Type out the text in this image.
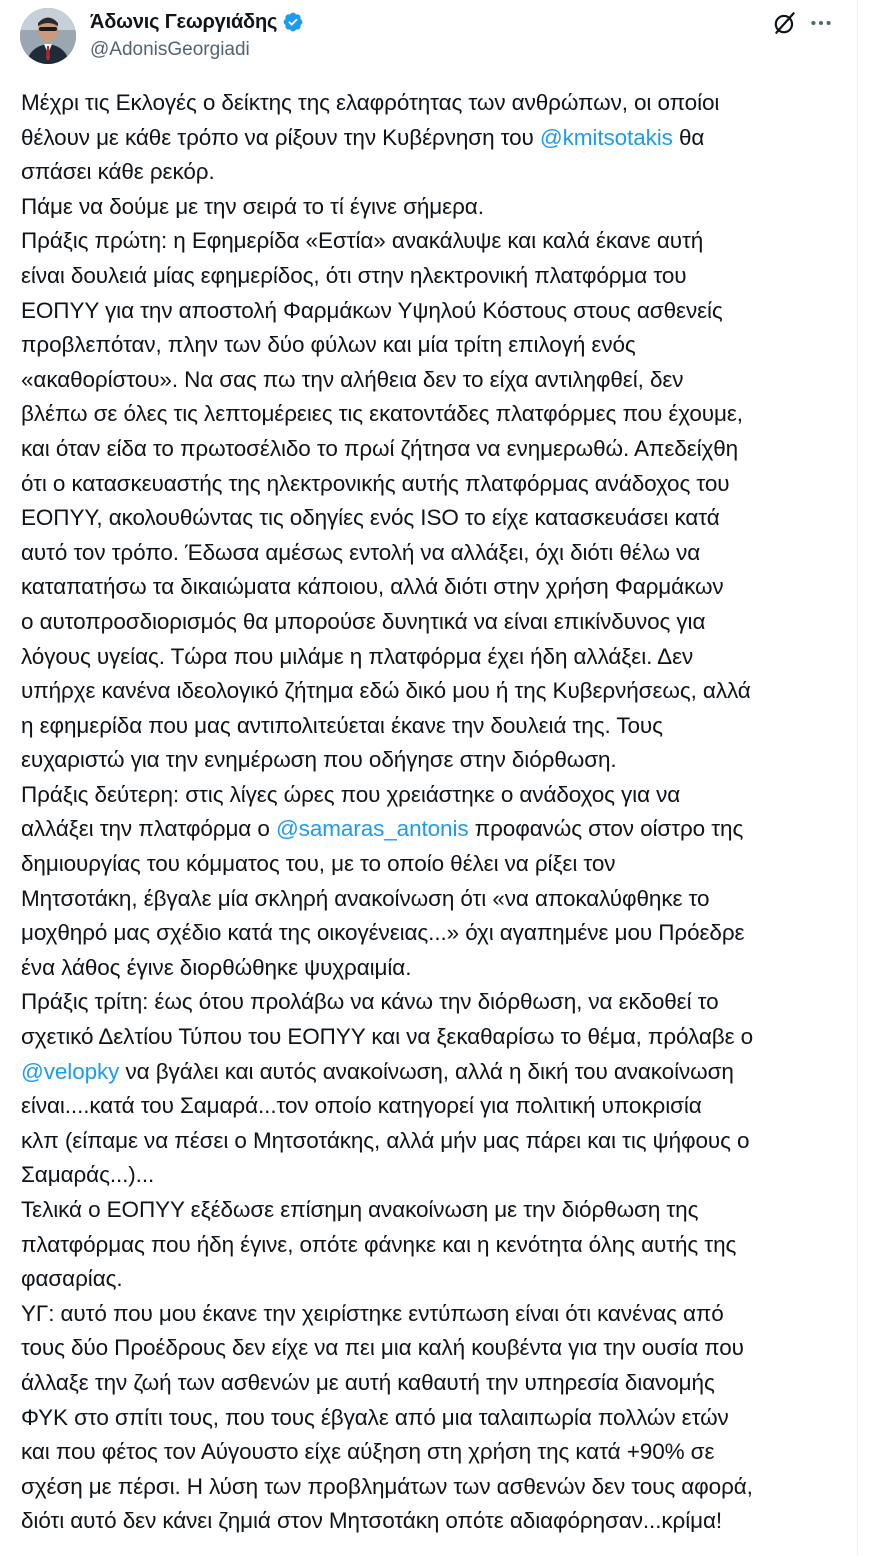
Άδωνις Γεωργιάδης
@AdonisGeorgiadi
Μέχρι τις Εκλογές ο δείκτης της ελαφρότητας των ανθρώπων, οι οποίοι
θέλουν με κάθε τρόπο να ρίξουν την Κυβέρνηση του @kmitsotakis θα
σπάσει κάθε ρεκόρ.
Πάμε να δούμε με την σειρά το τί έγινε σήμερα.
Πράξις πρώτη: η Εφημερίδα «Εστία» ανακάλυψε και καλά έκανε αυτή
είναι δουλειά μίας εφημερίδος, ότι στην ηλεκτρονική πλατφόρμα του
ΕΟΠΥΥ για την αποστολή Φαρμάκων Υψηλού Κόστους στους ασθενείς
προβλεπόταν, πλην των δύο φύλων και μία τρίτη επιλογή ενός
«ακαθορίστου». Να σας πω την αλήθεια δεν το είχα αντιληφθεί, δεν
βλέπω σε όλες τις λεπτομέρειες τις εκατοντάδες πλατφόρμες που έχουμε,
και όταν είδα το πρωτοσέλιδο το πρωί ζήτησα να ενημερωθώ. Απεδείχθη
ότι ο κατασκευαστής της ηλεκτρονικής αυτής πλατφόρμας ανάδοχος του
ΕΟΠΥΥ, ακολουθώντας τις οδηγίες ενός ISO το είχε κατασκευάσει κατά
αυτό τον τρόπο. Έδωσα αμέσως εντολή να αλλάξει, όχι διότι θέλω να
καταπατήσω τα δικαιώματα κάποιου, αλλά διότι στην χρήση Φαρμάκων
ο αυτοπροσδιορισμός θα μπορούσε δυνητικά να είναι επικίνδυνος για
λόγους υγείας. Τώρα που μιλάμε η πλατφόρμα έχει ήδη αλλάξει. Δεν
υπήρχε κανένα ιδεολογικό ζήτημα εδώ δικό μου ή της Κυβερνήσεως, αλλά
η εφημερίδα που μας αντιπολιτεύεται έκανε την δουλειά της. Τους
ευχαριστώ για την ενημέρωση που οδήγησε στην διόρθωση.
Πράξις δεύτερη: στις λίγες ώρες που χρειάστηκε ο ανάδοχος για να
αλλάξει την πλατφόρμα ο @samaras_antonis προφανώς στον οίστρο της
δημιουργίας του κόμματος του, με το οποίο θέλει να ρίξει τον
Μητσοτάκη, έβγαλε μία σκληρή ανακοίνωση ότι «να αποκαλύφθηκε το
μοχθηρό μας σχέδιο κατά της οικογένειας...» όχι αγαπημένε μου Πρόεδρε
ένα λάθος έγινε διορθώθηκε ψυχραιμία.
Πράξις τρίτη: έως ότου προλάβω να κάνω την διόρθωση, να εκδοθεί το
σχετικό Δελτίου Τύπου του ΕΟΠΥΥ και να ξεκαθαρίσω το θέμα, πρόλαβε ο
@velopky να βγάλει και αυτός ανακοίνωση, αλλά η δική του ανακοίνωση
είναι....κατά του Σαμαρά...τον οποίο κατηγορεί για πολιτική υποκρισία
κλπ (είπαμε να πέσει ο Μητσοτάκης, αλλά μήν μας πάρει και τις ψήφους ο
Σαμαράς...)...
Τελικά ο ΕΟΠΥΥ εξέδωσε επίσημη ανακοίνωση με την διόρθωση της
πλατφόρμας που ήδη έγινε, οπότε φάνηκε και η κενότητα όλης αυτής της
φασαρίας.
ΥΓ: αυτό που μου έκανε την χειρίστηκε εντύπωση είναι ότι κανένας από
τους δύο Προέδρους δεν είχε να πει μια καλή κουβέντα για την ουσία που
άλλαξε την ζωή των ασθενών με αυτή καθαυτή την υπηρεσία διανομής
ΦΥΚ στο σπίτι τους, που τους έβγαλε από μια ταλαιπωρία πολλών ετών
και που φέτος τον Αύγουστο είχε αύξηση στη χρήση της κατά +90% σε
σχέση με πέρσι. Η λύση των προβλημάτων των ασθενών δεν τους αφορά,
διότι αυτό δεν κάνει ζημιά στον Μητσοτάκη οπότε αδιαφόρησαν...κρίμα!
